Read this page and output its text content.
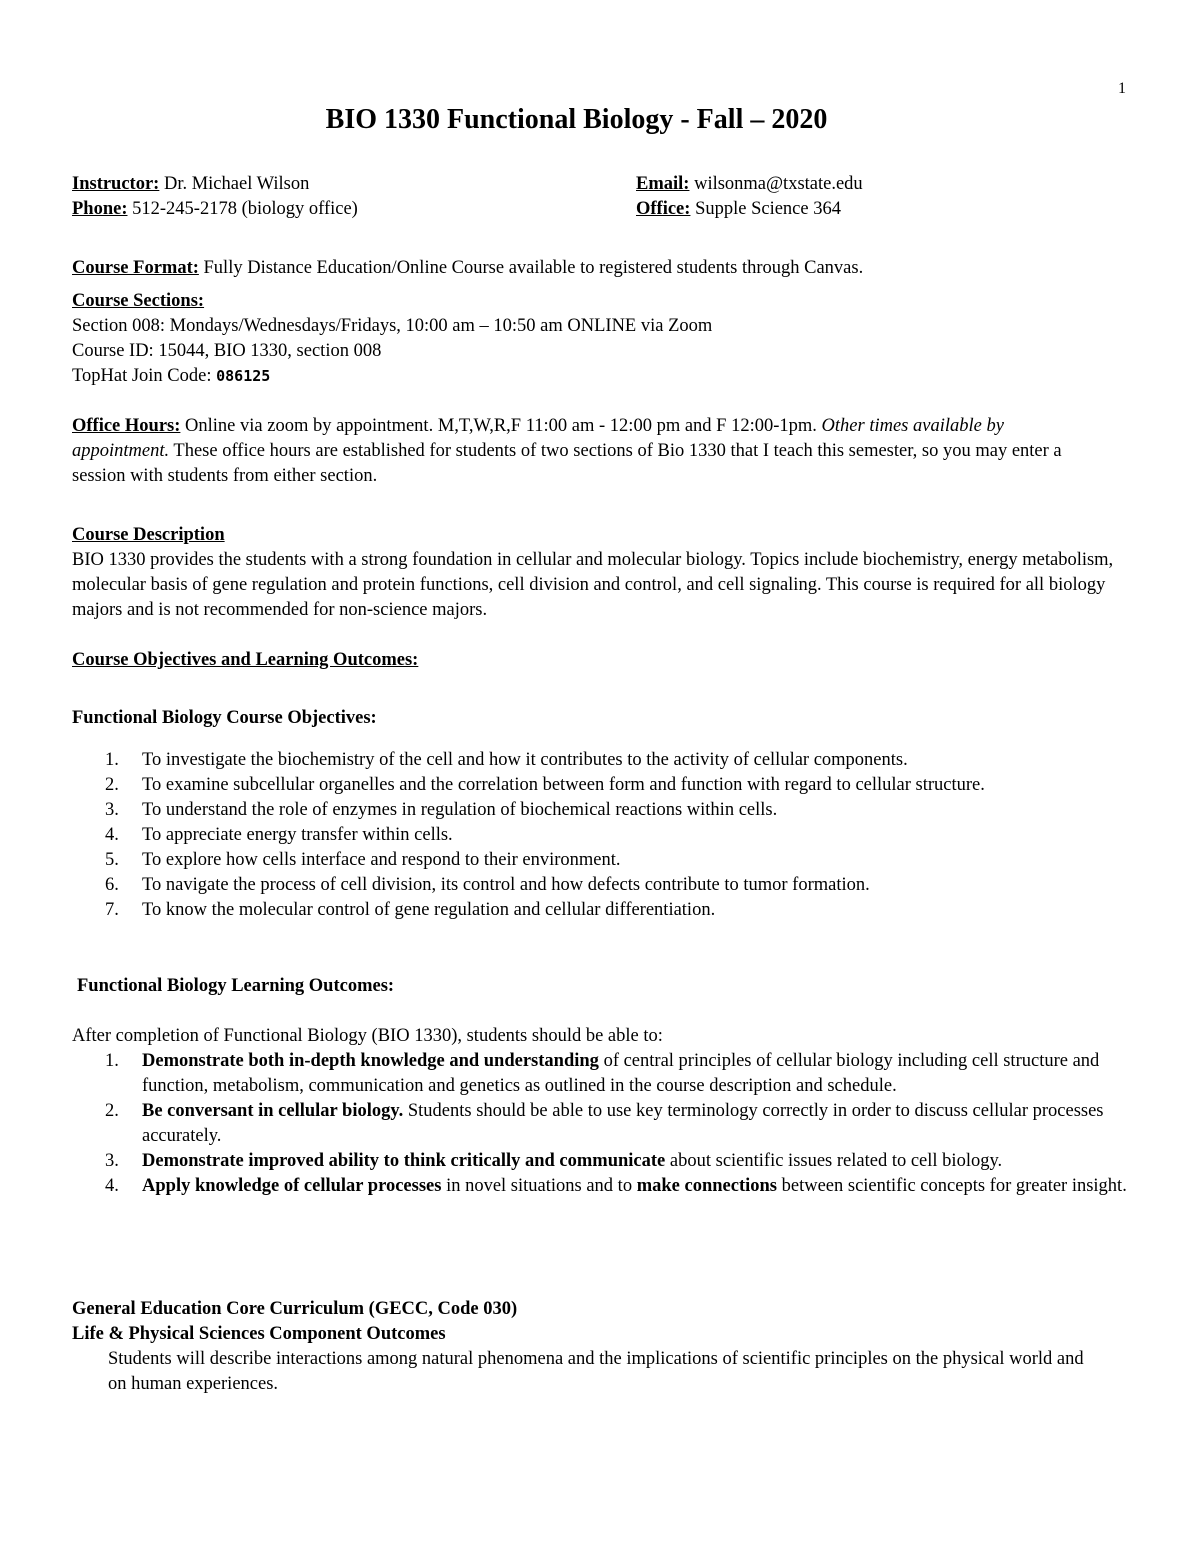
1
BIO 1330 Functional Biology - Fall – 2020
Instructor: Dr. Michael Wilson	Email: wilsonma@txstate.edu
Phone: 512-245-2178 (biology office)	Office: Supple Science 364
Course Format: Fully Distance Education/Online Course available to registered students through Canvas.
Course Sections:
Section 008: Mondays/Wednesdays/Fridays, 10:00 am – 10:50 am ONLINE via Zoom
Course ID: 15044, BIO 1330, section 008
TopHat Join Code: 086125
Office Hours: Online via zoom by appointment. M,T,W,R,F 11:00 am - 12:00 pm and F 12:00-1pm. Other times available by appointment. These office hours are established for students of two sections of Bio 1330 that I teach this semester, so you may enter a session with students from either section.
Course Description
BIO 1330 provides the students with a strong foundation in cellular and molecular biology. Topics include biochemistry, energy metabolism, molecular basis of gene regulation and protein functions, cell division and control, and cell signaling. This course is required for all biology majors and is not recommended for non-science majors.
Course Objectives and Learning Outcomes:
Functional Biology Course Objectives:
1. To investigate the biochemistry of the cell and how it contributes to the activity of cellular components.
2. To examine subcellular organelles and the correlation between form and function with regard to cellular structure.
3. To understand the role of enzymes in regulation of biochemical reactions within cells.
4. To appreciate energy transfer within cells.
5. To explore how cells interface and respond to their environment.
6. To navigate the process of cell division, its control and how defects contribute to tumor formation.
7. To know the molecular control of gene regulation and cellular differentiation.
Functional Biology Learning Outcomes:
After completion of Functional Biology (BIO 1330), students should be able to:
1. Demonstrate both in-depth knowledge and understanding of central principles of cellular biology including cell structure and function, metabolism, communication and genetics as outlined in the course description and schedule.
2. Be conversant in cellular biology. Students should be able to use key terminology correctly in order to discuss cellular processes accurately.
3. Demonstrate improved ability to think critically and communicate about scientific issues related to cell biology.
4. Apply knowledge of cellular processes in novel situations and to make connections between scientific concepts for greater insight.
General Education Core Curriculum (GECC, Code 030)
Life & Physical Sciences Component Outcomes
Students will describe interactions among natural phenomena and the implications of scientific principles on the physical world and on human experiences.
